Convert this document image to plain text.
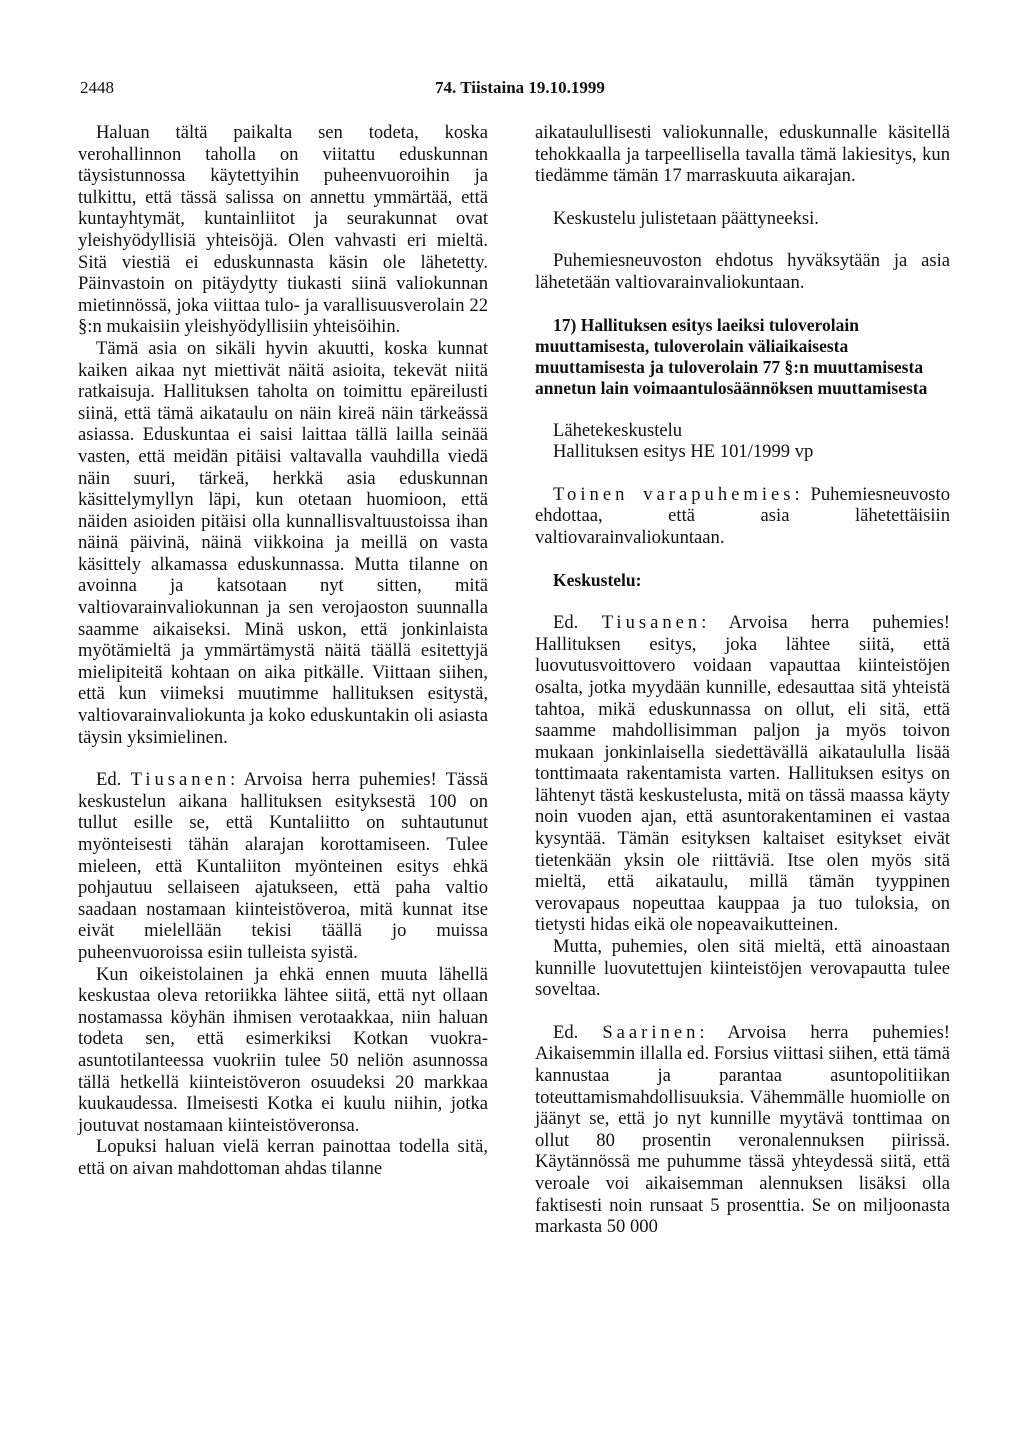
74. Tiistaina 19.10.1999
2448

Haluan tältä paikalta sen todeta, koska verohallinnon taholla on viitattu eduskunnan täysistunnossa käytettyihin puheenvuoroihin ja tulkittu, että tässä salissa on annettu ymmärtää, että kuntayhtymät, kuntainliitot ja seurakunnat ovat yleishyödyllisiä yhteisöjä. Olen vahvasti eri mieltä. Sitä viestiä ei eduskunnasta käsin ole lähetetty. Päinvastoin on pitäydytty tiukasti siinä valiokunnan mietinnössä, joka viittaa tulo- ja varallisuusverolain 22 §:n mukaisiin yleishyödyllisiin yhteisöihin.

Tämä asia on sikäli hyvin akuutti, koska kunnat kaiken aikaa nyt miettivät näitä asioita, tekevät niitä ratkaisuja. Hallituksen taholta on toimittu epäreilusti siinä, että tämä aikataulu on näin kireä näin tärkeässä asiassa. Eduskuntaa ei saisi laittaa tällä lailla seinää vasten, että meidän pitäisi valtavalla vauhdilla viedä näin suuri, tärkeä, herkkä asia eduskunnan käsittelymyllyn läpi, kun otetaan huomioon, että näiden asioiden pitäisi olla kunnallisvaltuustoissa ihan näinä päivinä, näinä viikkoina ja meillä on vasta käsittely alkamassa eduskunnassa. Mutta tilanne on avoinna ja katsotaan nyt sitten, mitä valtiovarainvaliokunnan ja sen verojaoston suunnalla saamme aikaiseksi. Minä uskon, että jonkinlaista myötämieltä ja ymmärtämystä näitä täällä esitettyjä mielipiteitä kohtaan on aika pitkälle. Viittaan siihen, että kun viimeksi muutimme hallituksen esitystä, valtiovarainvaliokunta ja koko eduskuntakin oli asiasta täysin yksimielinen.

Ed. Tiusanen: Arvoisa herra puhemies! Tässä keskustelun aikana hallituksen esityksestä 100 on tullut esille se, että Kuntaliitto on suhtautunut myönteisesti tähän alarajan korottamiseen. Tulee mieleen, että Kuntaliiton myönteinen esitys ehkä pohjautuu sellaiseen ajatukseen, että paha valtio saadaan nostamaan kiinteistöveroa, mitä kunnat itse eivät mielellään tekisi täällä jo muissa puheenvuoroissa esiin tulleista syistä.

Kun oikeistolainen ja ehkä ennen muuta lähellä keskustaa oleva retoriikka lähtee siitä, että nyt ollaan nostamassa köyhän ihmisen verotaakkaa, niin haluan todeta sen, että esimerkiksi Kotkan vuokra-asuntotilanteessa vuokriin tulee 50 neliön asunnossa tällä hetkellä kiinteistöveron osuudeksi 20 markkaa kuukaudessa. Ilmeisesti Kotka ei kuulu niihin, jotka joutuvat nostamaan kiinteistöveronsa.

Lopuksi haluan vielä kerran painottaa todella sitä, että on aivan mahdottoman ahdas tilanne

aikataulullisesti valiokunnalle, eduskunnalle käsitellä tehokkaalla ja tarpeellisella tavalla tämä lakiesitys, kun tiedämme tämän 17 marraskuuta aikarajan.

Keskustelu julistetaan päättyneeksi.

Puhemiesneuvoston ehdotus hyväksytään ja asia lähetetään valtiovarainvaliokuntaan.

17) Hallituksen esitys laeiksi tuloverolain muuttamisesta, tuloverolain väliaikaisesta muuttamisesta ja tuloverolain 77 §:n muuttamisesta annetun lain voimaantulosäännöksen muuttamisesta

Lähetekeskustelu

Hallituksen esitys HE 101/1999 vp

Toinen varapuhemies: Puhemiesneuvosto ehdottaa, että asia lähetettäisiin valtiovarainvaliokuntaan.

Keskustelu:

Ed. Tiusanen: Arvoisa herra puhemies! Hallituksen esitys, joka lähtee siitä, että luovutusvoittovero voidaan vapauttaa kiinteistöjen osalta, jotka myydään kunnille, edesauttaa sitä yhteistä tahtoa, mikä eduskunnassa on ollut, eli sitä, että saamme mahdollisimman paljon ja myös toivon mukaan jonkinlaisella siedettävällä aikataululla lisää tonttimaata rakentamista varten. Hallituksen esitys on lähtenyt tästä keskustelusta, mitä on tässä maassa käyty noin vuoden ajan, että asuntorakentaminen ei vastaa kysyntää. Tämän esityksen kaltaiset esitykset eivät tietenkään yksin ole riittäviä. Itse olen myös sitä mieltä, että aikataulu, millä tämän tyyppinen verovapaus nopeuttaa kauppaa ja tuo tuloksia, on tietysti hidas eikä ole nopeavaikutteinen.

Mutta, puhemies, olen sitä mieltä, että ainoastaan kunnille luovutettujen kiinteistöjen verovapautta tulee soveltaa.

Ed. Saarinen: Arvoisa herra puhemies! Aikaisemmin illalla ed. Forsius viittasi siihen, että tämä kannustaa ja parantaa asuntopolitiikan toteuttamismahdollisuuksia. Vähemmälle huomiolle on jäänyt se, että jo nyt kunnille myytävä tonttimaa on ollut 80 prosentin veronalennuksen piirissä. Käytännössä me puhumme tässä yhteydessä siitä, että veroale voi aikaisemman alennuksen lisäksi olla faktisesti noin runsaat 5 prosenttia. Se on miljoonasta markasta 50 000
